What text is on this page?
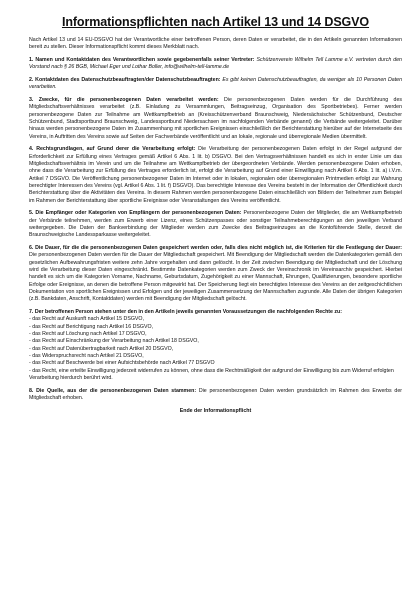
Informationspflichten nach Artikel 13 und 14 DSGVO

Nach Artikel 13 und 14 EU-DSGVO hat der Verantwortliche einer betroffenen Person, deren Daten er verarbeitet, die in den Artikeln genannten Informationen bereit zu stellen. Dieser Informationspflicht kommt dieses Merkblatt nach.

1. Namen und Kontaktdaten des Verantwortlichen sowie gegebenenfalls seiner Vertreter: Schützenverein Wilhelm Tell Lamme e.V. vertreten durch den Vorstand nach § 26 BGB, Michael Eger und Lothar Boller, info@wilhelm-tell-lamme.de

2. Kontaktdaten des Datenschutzbeauftragten/der Datenschutzbeauftragten: Es gibt keinen Datenschutzbeauftragten, da weniger als 10 Personen Daten verarbeiten.

3. Zwecke, für die personenbezogenen Daten verarbeitet werden: Die personenbezogenen Daten werden für die Durchführung des Mitgliedschaftsverhältnisses verarbeitet (z.B. Einladung zu Versammlungen, Beitragseinzug, Organisation des Sportbetriebes). Ferner werden personenbezogene Daten zur Teilnahme am Wettkampfbetrieb an (Kreisschützenverband Braunschweig, Niedersächsischer Schützenbund, Deutscher Schützenbund, Stadtsportbund Braunschweig, Landessportbund Niedersachsen im nachfolgenden Verbände genannt) die Verbände weitergeleitet. Darüber hinaus werden personenbezogene Daten im Zusammenhang mit sportlichen Ereignissen einschließlich der Berichterstattung hierüber auf der Internetseite des Vereins, in Auftritten des Vereins sowie auf Seiten der Fachverbände veröffentlicht und an lokale, regionale und überregionale Medien übermittelt.

4. Rechtsgrundlagen, auf Grund derer die Verarbeitung erfolgt: Die Verarbeitung der personenbezogenen Daten erfolgt in der Regel aufgrund der Erforderlichkeit zur Erfüllung eines Vertrages gemäß Artikel 6 Abs. 1 lit. b) DSGVO. Bei den Vertragsverhältnissen handelt es sich in erster Linie um das Mitgliedschaftsverhältnis im Verein und um die Teilnahme am Wettkampfbetrieb der übergeordneten Verbände. Werden personenbezogene Daten erhoben, ohne dass die Verarbeitung zur Erfüllung des Vertrages erforderlich ist, erfolgt die Verarbeitung auf Grund einer Einwilligung nach Artikel 6 Abs. 1 lit. a) i.V.m. Artikel 7 DSGVO. Die Veröffentlichung personenbezogener Daten im Internet oder in lokalen, regionalen oder überregionalen Printmedien erfolgt zur Wahrung berechtigter Interessen des Vereins (vgl. Artikel 6 Abs. 1 lit. f) DSGVO). Das berechtigte Interesse des Vereins besteht in der Information der Öffentlichkeit durch Berichterstattung über die Aktivitäten des Vereins. In diesem Rahmen werden personenbezogene Daten einschließlich von Bildern der Teilnehmer zum Beispiel im Rahmen der Berichterstattung über sportliche Ereignisse oder Veranstaltungen des Vereins veröffentlicht.

5. Die Empfänger oder Kategorien von Empfängern der personenbezogenen Daten: Personenbezogene Daten der Mitglieder, die am Wettkampfbetrieb der Verbände teilnehmen, werden zum Erwerb einer Lizenz, eines Schützenpasses oder sonstiger Teilnahmeberechtigungen an den jeweiligen Verband weitergegeben. Die Daten der Bankverbindung der Mitglieder werden zum Zwecke des Beitragseinzuges an die Kontoführende Stelle, derzeit die Braunschweigische Landessparkasse weitergeleitet.

6. Die Dauer, für die die personenbezogenen Daten gespeichert werden oder, falls dies nicht möglich ist, die Kriterien für die Festlegung der Dauer: Die personenbezogenen Daten werden für die Dauer der Mitgliedschaft gespeichert. Mit Beendigung der Mitgliedschaft werden die Datenkategorien gemäß den gesetzlichen Aufbewahrungsfristen weitere zehn Jahre vorgehalten und dann gelöscht. In der Zeit zwischen Beendigung der Mitgliedschaft und der Löschung wird die Verarbeitung dieser Daten eingeschränkt. Bestimmte Datenkategorien werden zum Zweck der Vereinschronik im Vereinsarchiv gespeichert. Hierbei handelt es sich um die Kategorien Vorname, Nachname, Geburtsdatum, Zugehörigkeit zu einer Mannschaft, Ehrungen, Qualifizierungen, besondere sportliche Erfolge oder Ereignisse, an denen die betroffene Person mitgewirkt hat. Der Speicherung liegt ein berechtigtes Interesse des Vereins an der zeitgeschichtlichen Dokumentation von sportlichen Ereignissen und Erfolgen und der jeweiligen Zusammensetzung der Mannschaften zugrunde. Alle Daten der übrigen Kategorien (z.B. Bankdaten, Anschrift, Kontaktdaten) werden mit Beendigung der Mitgliedschaft gelöscht.

7. Der betroffenen Person stehen unter den in den Artikeln jeweils genannten Voraussetzungen die nachfolgenden Rechte zu:

- das Recht auf Auskunft nach Artikel 15 DSGVO,
- das Recht auf Berichtigung nach Artikel 16 DSGVO,
- das Recht auf Löschung nach Artikel 17 DSGVO,
- das Recht auf Einschränkung der Verarbeitung nach Artikel 18 DSGVO,
- das Recht auf Datenübertragbarkeit nach Artikel 20 DSGVO,
- das Widerspruchsrecht nach Artikel 21 DSGVO,
- das Recht auf Beschwerde bei einer Aufsichtsbehörde nach Artikel 77 DSGVO
- das Recht, eine erteilte Einwilligung jederzeit widerrufen zu können, ohne dass die Rechtmäßigkeit der aufgrund der Einwilligung bis zum Widerruf erfolgten Verarbeitung hierdurch berührt wird.

8. Die Quelle, aus der die personenbezogenen Daten stammen: Die personenbezogenen Daten werden grundsätzlich im Rahmen des Erwerbs der Mitgliedschaft erhoben.

Ende der Informationspflicht
